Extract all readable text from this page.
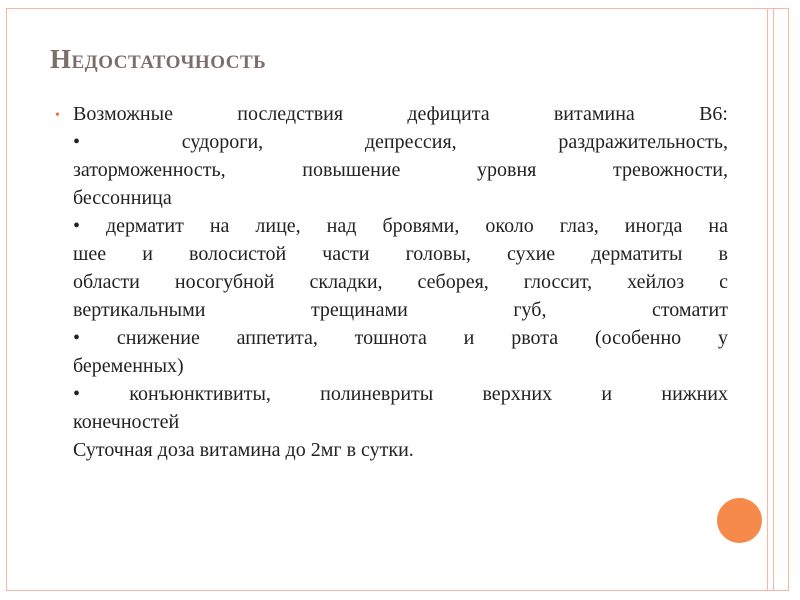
Недостаточность
• Возможные последствия дефицита витамина В6:
• судороги, депрессия, раздражительность,
заторможенность, повышение уровня тревожности,
бессонница
• дерматит на лице, над бровями, около глаз, иногда на
шее и волосистой части головы, сухие дерматиты в
области носогубной складки, себорея, глоссит, хейлоз с
вертикальными трещинами губ, стоматит
• снижение аппетита, тошнота и рвота (особенно у
беременных)
• конъюнктивиты, полиневриты верхних и нижних
конечностей
Суточная доза витамина до 2мг в сутки.
